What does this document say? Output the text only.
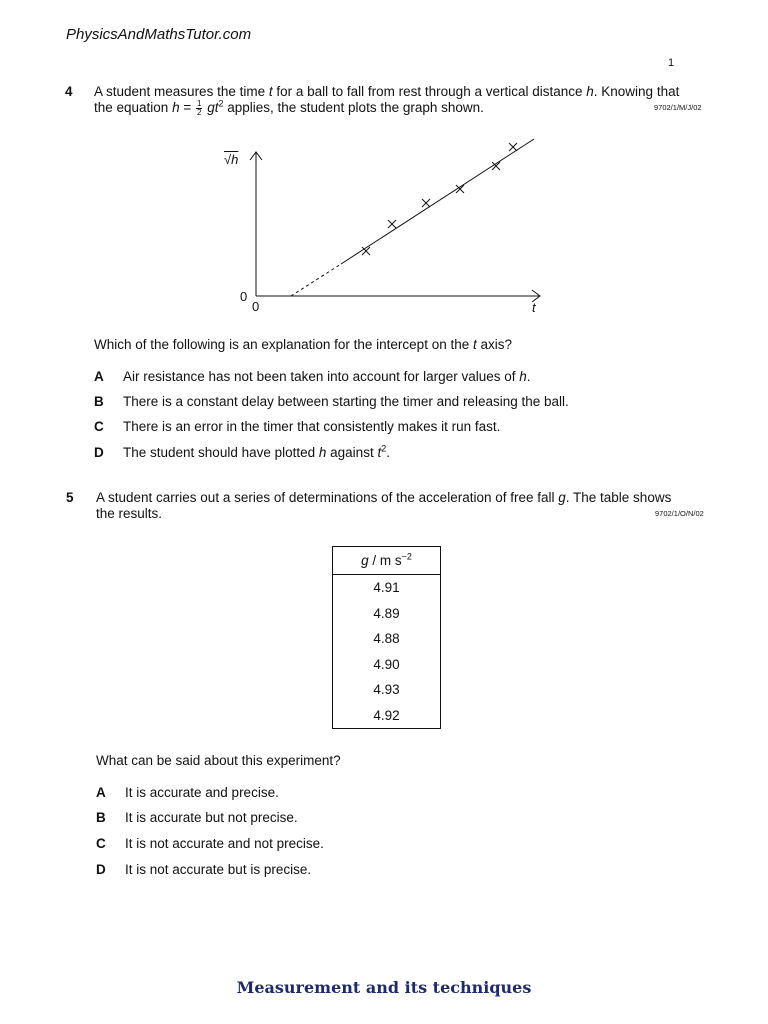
PhysicsAndMathsTutor.com
1
4 A student measures the time t for a ball to fall from rest through a vertical distance h. Knowing that
the equation $h = \frac{1}{2} gt^2$ applies, the student plots the graph shown.	9702/1/M/J/02
√h
t
0
0
Which of the following is an explanation for the intercept on the t axis?
A Air resistance has not been taken into account for larger values of h.
B There is a constant delay between starting the timer and releasing the ball.
C There is an error in the timer that consistently makes it run fast.
D The student should have plotted h against $t^2$.
5 A student carries out a series of determinations of the acceleration of free fall g. The table shows
the results.	9702/1/O/N/02
g / m $s^{-2}$
4.91
4.89
4.88
4.90
4.93
4.92
What can be said about this experiment?
A It is accurate and precise.
B It is accurate but not precise.
C It is not accurate and not precise.
D It is not accurate but is precise.
Measurement and its techniques
